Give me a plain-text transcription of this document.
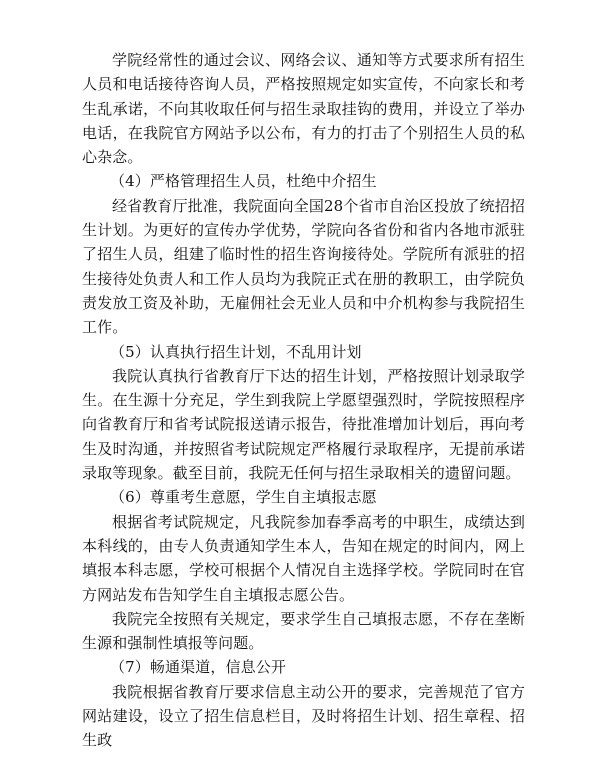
学院经常性的通过会议、网络会议、通知等方式要求所有招生人员和电话接待咨询人员，严格按照规定如实宣传，不向家长和考生乱承诺，不向其收取任何与招生录取挂钩的费用，并设立了举办电话，在我院官方网站予以公布，有力的打击了个别招生人员的私心杂念。

（4）严格管理招生人员，杜绝中介招生

经省教育厅批准，我院面向全国28个省市自治区投放了统招招生计划。为更好的宣传办学优势，学院向各省份和省内各地市派驻了招生人员，组建了临时性的招生咨询接待处。学院所有派驻的招生接待处负责人和工作人员均为我院正式在册的教职工，由学院负责发放工资及补助，无雇佣社会无业人员和中介机构参与我院招生工作。

（5）认真执行招生计划，不乱用计划

我院认真执行省教育厅下达的招生计划，严格按照计划录取学生。在生源十分充足，学生到我院上学愿望强烈时，学院按照程序向省教育厅和省考试院报送请示报告，待批准增加计划后，再向考生及时沟通，并按照省考试院规定严格履行录取程序，无提前承诺录取等现象。截至目前，我院无任何与招生录取相关的遗留问题。

（6）尊重考生意愿，学生自主填报志愿

根据省考试院规定，凡我院参加春季高考的中职生，成绩达到本科线的，由专人负责通知学生本人，告知在规定的时间内，网上填报本科志愿，学校可根据个人情况自主选择学校。学院同时在官方网站发布告知学生自主填报志愿公告。

我院完全按照有关规定，要求学生自己填报志愿，不存在垄断生源和强制性填报等问题。

（7）畅通渠道，信息公开

我院根据省教育厅要求信息主动公开的要求，完善规范了官方网站建设，设立了招生信息栏目，及时将招生计划、招生章程、招生政
